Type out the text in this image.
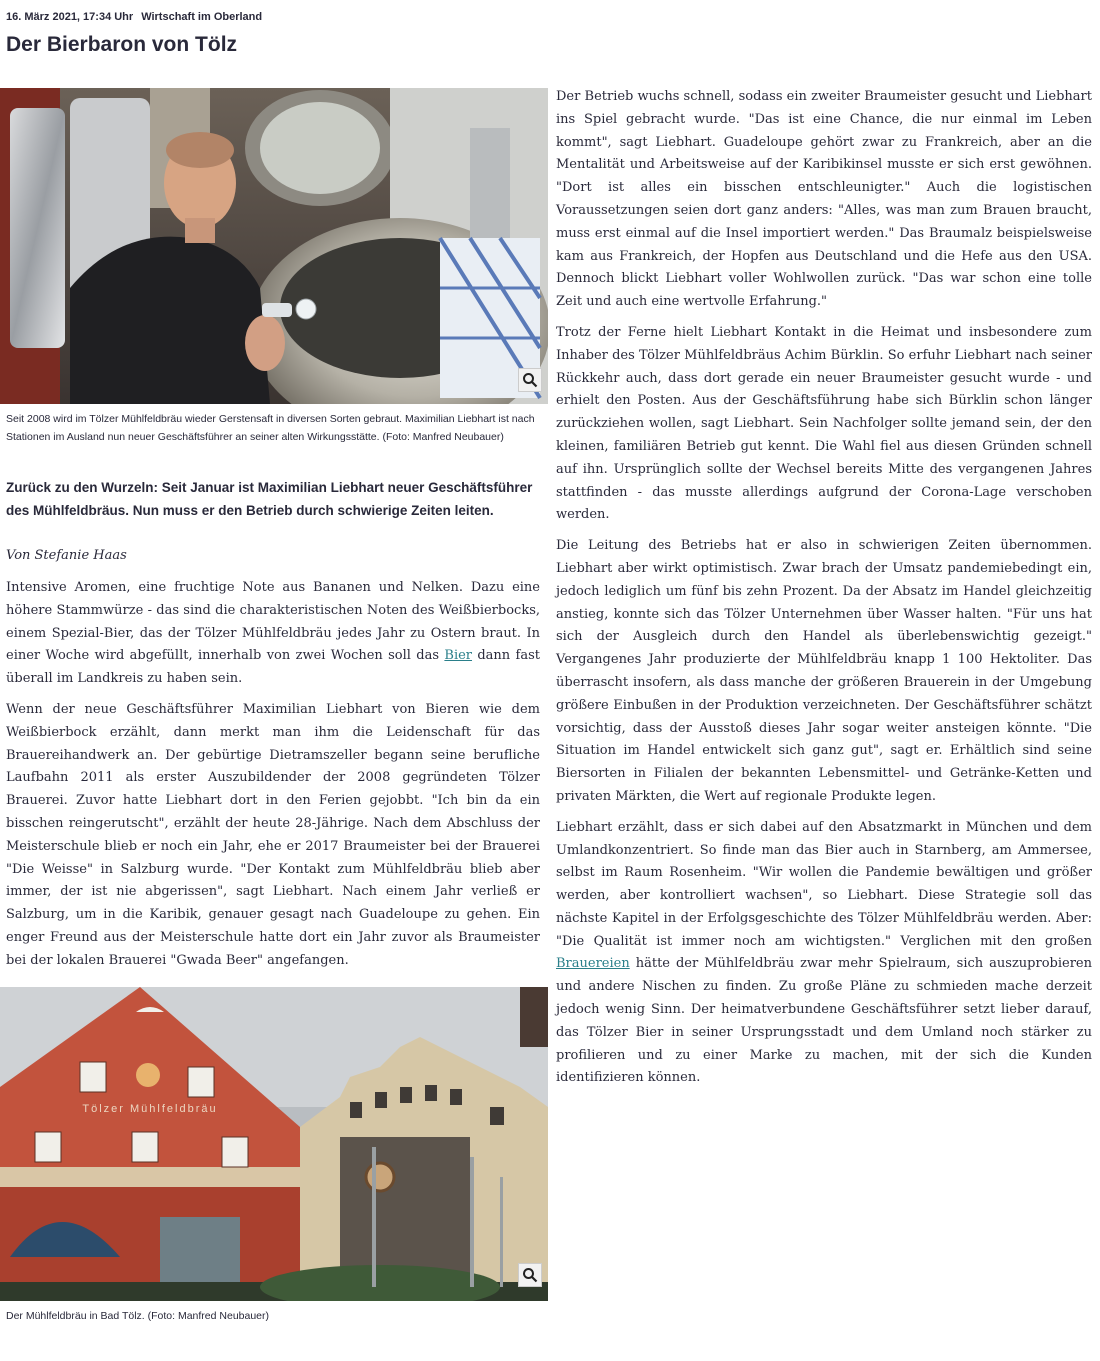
16. März 2021, 17:34 Uhr Wirtschaft im Oberland
Der Bierbaron von Tölz
Seit 2008 wird im Tölzer Mühlfeldbräu wieder Gerstensaft in diversen Sorten gebraut. Maximilian Liebhart ist nach Stationen im Ausland nun neuer Geschäftsführer an seiner alten Wirkungsstätte. (Foto: Manfred Neubauer)
Zurück zu den Wurzeln: Seit Januar ist Maximilian Liebhart neuer Geschäftsführer des Mühlfeldbräus. Nun muss er den Betrieb durch schwierige Zeiten leiten.
Von Stefanie Haas

Intensive Aromen, eine fruchtige Note aus Bananen und Nelken. Dazu eine höhere Stammwürze - das sind die charakteristischen Noten des Weißbierbocks, einem Spezial-Bier, das der Tölzer Mühlfeldbräu jedes Jahr zu Ostern braut. In einer Woche wird abgefüllt, innerhalb von zwei Wochen soll das Bier dann fast überall im Landkreis zu haben sein.

Wenn der neue Geschäftsführer Maximilian Liebhart von Bieren wie dem Weißbierbock erzählt, dann merkt man ihm die Leidenschaft für das Brauereihandwerk an. Der gebürtige Dietramszeller begann seine berufliche Laufbahn 2011 als erster Auszubildender der 2008 gegründeten Tölzer Brauerei. Zuvor hatte Liebhart dort in den Ferien gejobbt. "Ich bin da ein bisschen reingerutscht", erzählt der heute 28-Jährige. Nach dem Abschluss der Meisterschule blieb er noch ein Jahr, ehe er 2017 Braumeister bei der Brauerei "Die Weisse" in Salzburg wurde. "Der Kontakt zum Mühlfeldbräu blieb aber immer, der ist nie abgerissen", sagt Liebhart. Nach einem Jahr verließ er Salzburg, um in die Karibik, genauer gesagt nach Guadeloupe zu gehen. Ein enger Freund aus der Meisterschule hatte dort ein Jahr zuvor als Braumeister bei der lokalen Brauerei "Gwada Beer" angefangen.

Tölzer Mühlfeldbräu
Der Mühlfeldbräu in Bad Tölz. (Foto: Manfred Neubauer)

Der Betrieb wuchs schnell, sodass ein zweiter Braumeister gesucht und Liebhart ins Spiel gebracht wurde. "Das ist eine Chance, die nur einmal im Leben kommt", sagt Liebhart. Guadeloupe gehört zwar zu Frankreich, aber an die Mentalität und Arbeitsweise auf der Karibikinsel musste er sich erst gewöhnen. "Dort ist alles ein bisschen entschleunigter." Auch die logistischen Voraussetzungen seien dort ganz anders: "Alles, was man zum Brauen braucht, muss erst einmal auf die Insel importiert werden." Das Braumalz beispielsweise kam aus Frankreich, der Hopfen aus Deutschland und die Hefe aus den USA. Dennoch blickt Liebhart voller Wohlwollen zurück. "Das war schon eine tolle Zeit und auch eine wertvolle Erfahrung."

Trotz der Ferne hielt Liebhart Kontakt in die Heimat und insbesondere zum Inhaber des Tölzer Mühlfeldbräus Achim Bürklin. So erfuhr Liebhart nach seiner Rückkehr auch, dass dort gerade ein neuer Braumeister gesucht wurde - und erhielt den Posten. Aus der Geschäftsführung habe sich Bürklin schon länger zurückziehen wollen, sagt Liebhart. Sein Nachfolger sollte jemand sein, der den kleinen, familiären Betrieb gut kennt. Die Wahl fiel aus diesen Gründen schnell auf ihn. Ursprünglich sollte der Wechsel bereits Mitte des vergangenen Jahres stattfinden - das musste allerdings aufgrund der Corona-Lage verschoben werden.

Die Leitung des Betriebs hat er also in schwierigen Zeiten übernommen. Liebhart aber wirkt optimistisch. Zwar brach der Umsatz pandemiebedingt ein, jedoch lediglich um fünf bis zehn Prozent. Da der Absatz im Handel gleichzeitig anstieg, konnte sich das Tölzer Unternehmen über Wasser halten. "Für uns hat sich der Ausgleich durch den Handel als überlebenswichtig gezeigt." Vergangenes Jahr produzierte der Mühlfeldbräu knapp 1 100 Hektoliter. Das überrascht insofern, als dass manche der größeren Brauerein in der Umgebung größere Einbußen in der Produktion verzeichneten. Der Geschäftsführer schätzt vorsichtig, dass der Ausstoß dieses Jahr sogar weiter ansteigen könnte. "Die Situation im Handel entwickelt sich ganz gut", sagt er. Erhältlich sind seine Biersorten in Filialen der bekannten Lebensmittel- und Getränke-Ketten und privaten Märkten, die Wert auf regionale Produkte legen.

Liebhart erzählt, dass er sich dabei auf den Absatzmarkt in München und dem Umlandkonzentriert. So finde man das Bier auch in Starnberg, am Ammersee, selbst im Raum Rosenheim. "Wir wollen die Pandemie bewältigen und größer werden, aber kontrolliert wachsen", so Liebhart. Diese Strategie soll das nächste Kapitel in der Erfolgsgeschichte des Tölzer Mühlfeldbräu werden. Aber: "Die Qualität ist immer noch am wichtigsten." Verglichen mit den großen Brauereien hätte der Mühlfeldbräu zwar mehr Spielraum, sich auszuprobieren und andere Nischen zu finden. Zu große Pläne zu schmieden mache derzeit jedoch wenig Sinn. Der heimatverbundene Geschäftsführer setzt lieber darauf, das Tölzer Bier in seiner Ursprungsstadt und dem Umland noch stärker zu profilieren und zu einer Marke zu machen, mit der sich die Kunden identifizieren können.
